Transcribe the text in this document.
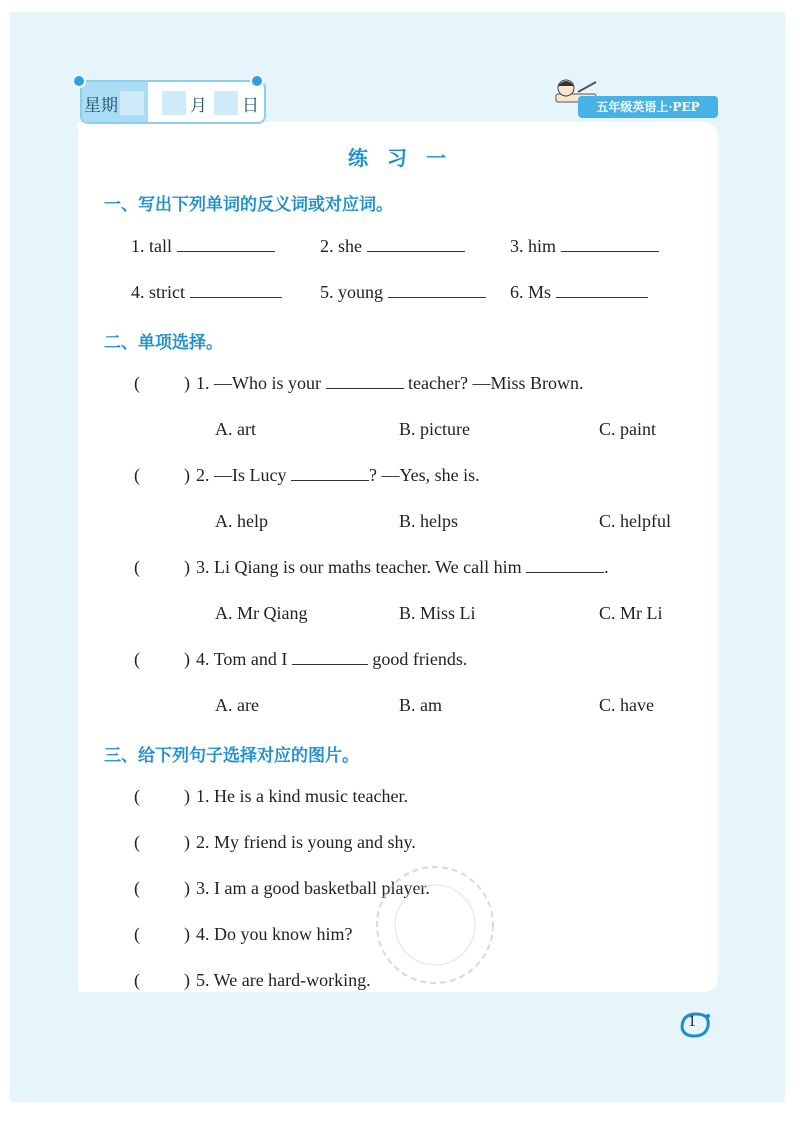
星期	月 日	五年级英语上·PEP
练 习 一
一、写出下列单词的反义词或对应词。
1. tall	2. she	3. him
4. strict	5. young	6. Ms
二、单项选择。
( ) 1. —Who is your	teacher? —Miss Brown.
A. art	B. picture	C. paint
( ) 2. —Is Lucy	? —Yes, she is.
A. help	B. helps	C. helpful
( ) 3. Li Qiang is our maths teacher. We call him	.
A. Mr Qiang	B. Miss Li	C. Mr Li
( ) 4. Tom and I	good friends.
A. are	B. am	C. have
三、给下列句子选择对应的图片。
( ) 1. He is a kind music teacher.
( ) 2. My friend is young and shy.
( ) 3. I am a good basketball player.
( ) 4. Do you know him?
( ) 5. We are hard-working.
1
